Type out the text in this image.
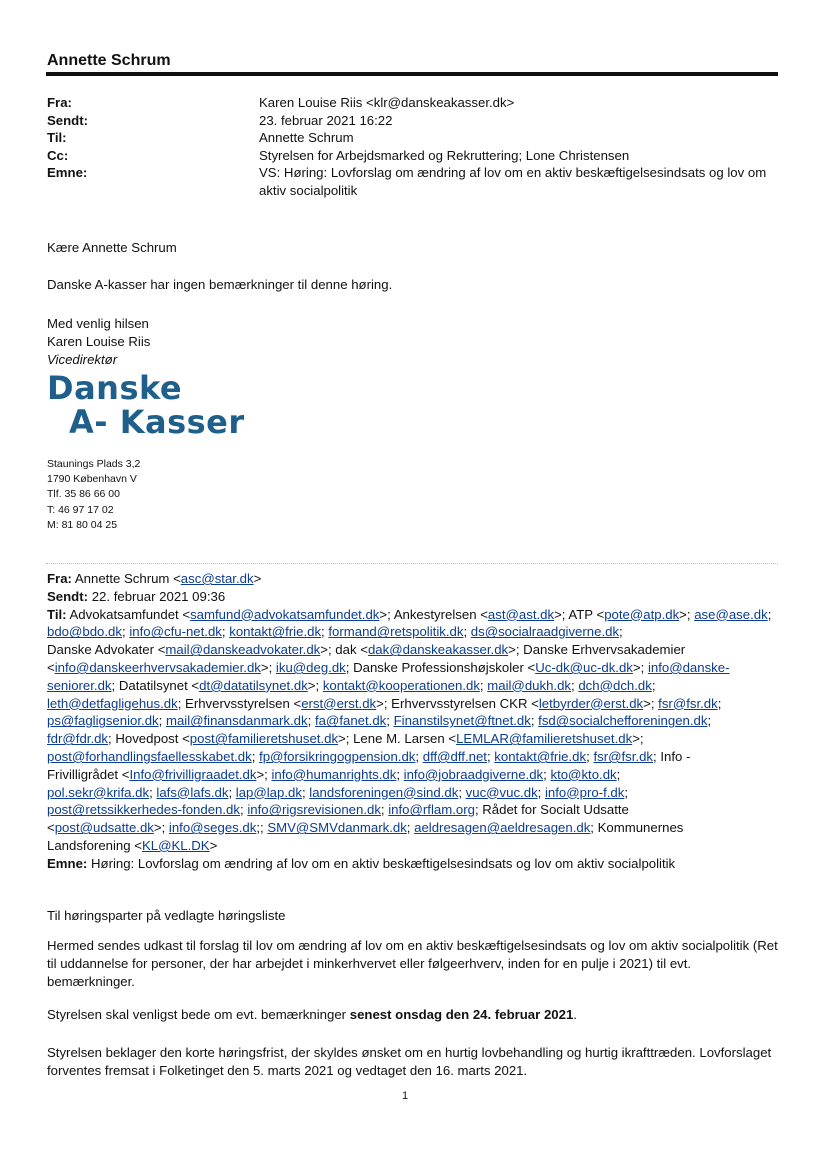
Annette Schrum
Fra:	Karen Louise Riis <klr@danskeakasser.dk>
Sendt:	23. februar 2021 16:22
Til:	Annette Schrum
Cc:	Styrelsen for Arbejdsmarked og Rekruttering; Lone Christensen
Emne:	VS: Høring: Lovforslag om ændring af lov om en aktiv beskæftigelsesindsats og lov om aktiv socialpolitik
Kære Annette Schrum
Danske A-kasser har ingen bemærkninger til denne høring.
Med venlig hilsen
Karen Louise Riis
Vicedirektør
Danske
A- Kasser
Staunings Plads 3,2
1790 København V
Tlf. 35 86 66 00
T: 46 97 17 02
M: 81 80 04 25
Fra: Annette Schrum <asc@star.dk>
Sendt: 22. februar 2021 09:36
Til: Advokatsamfundet <samfund@advokatsamfundet.dk>; Ankestyrelsen <ast@ast.dk>; ATP <pote@atp.dk>; ase@ase.dk; bdo@bdo.dk; info@cfu-net.dk; kontakt@frie.dk; formand@retspolitik.dk; ds@socialraadgiverne.dk;
Danske Advokater <mail@danskeadvokater.dk>; dak <dak@danskeakasser.dk>; Danske Erhvervsakademier
<info@danskeerhvervsakademier.dk>; iku@deg.dk; Danske Professionshøjskoler <Uc-dk@uc-dk.dk>; info@danske-
seniorer.dk; Datatilsynet <dt@datatilsynet.dk>; kontakt@kooperationen.dk; mail@dukh.dk; dch@dch.dk;
leth@detfagligehus.dk; Erhvervsstyrelsen <erst@erst.dk>; Erhvervsstyrelsen CKR <letbyrder@erst.dk>; fsr@fsr.dk;
ps@fagligsenior.dk; mail@finansdanmark.dk; fa@fanet.dk; Finanstilsynet@ftnet.dk; fsd@socialchefforeningen.dk;
fdr@fdr.dk; Hovedpost <post@familieretshuset.dk>; Lene M. Larsen <LEMLAR@familieretshuset.dk>;
post@forhandlingsfaellesskabet.dk; fp@forsikringogpension.dk; dff@dff.net; kontakt@frie.dk; fsr@fsr.dk; Info -
Frivilligrådet <Info@frivilligraadet.dk>; info@humanrights.dk; info@jobraadgiverne.dk; kto@kto.dk;
pol.sekr@krifa.dk; lafs@lafs.dk; lap@lap.dk; landsforeningen@sind.dk; vuc@vuc.dk; info@pro-f.dk;
post@retssikkerhedes-fonden.dk; info@rigsrevisionen.dk; info@rflam.org; Rådet for Socialt Udsatte
<post@udsatte.dk>; info@seges.dk;; SMV@SMVdanmark.dk; aeldresagen@aeldresagen.dk; Kommunernes
Landsforening <KL@KL.DK>
Emne: Høring: Lovforslag om ændring af lov om en aktiv beskæftigelsesindsats og lov om aktiv socialpolitik
Til høringsparter på vedlagte høringsliste
Hermed sendes udkast til forslag til lov om ændring af lov om en aktiv beskæftigelsesindsats og lov om aktiv socialpolitik (Ret til uddannelse for personer, der har arbejdet i minkerhvervet eller følgeerhverv, inden for en pulje i 2021) til evt. bemærkninger.
Styrelsen skal venligst bede om evt. bemærkninger senest onsdag den 24. februar 2021.
Styrelsen beklager den korte høringsfrist, der skyldes ønsket om en hurtig lovbehandling og hurtig ikrafttræden. Lovforslaget forventes fremsat i Folketinget den 5. marts 2021 og vedtaget den 16. marts 2021.
1
